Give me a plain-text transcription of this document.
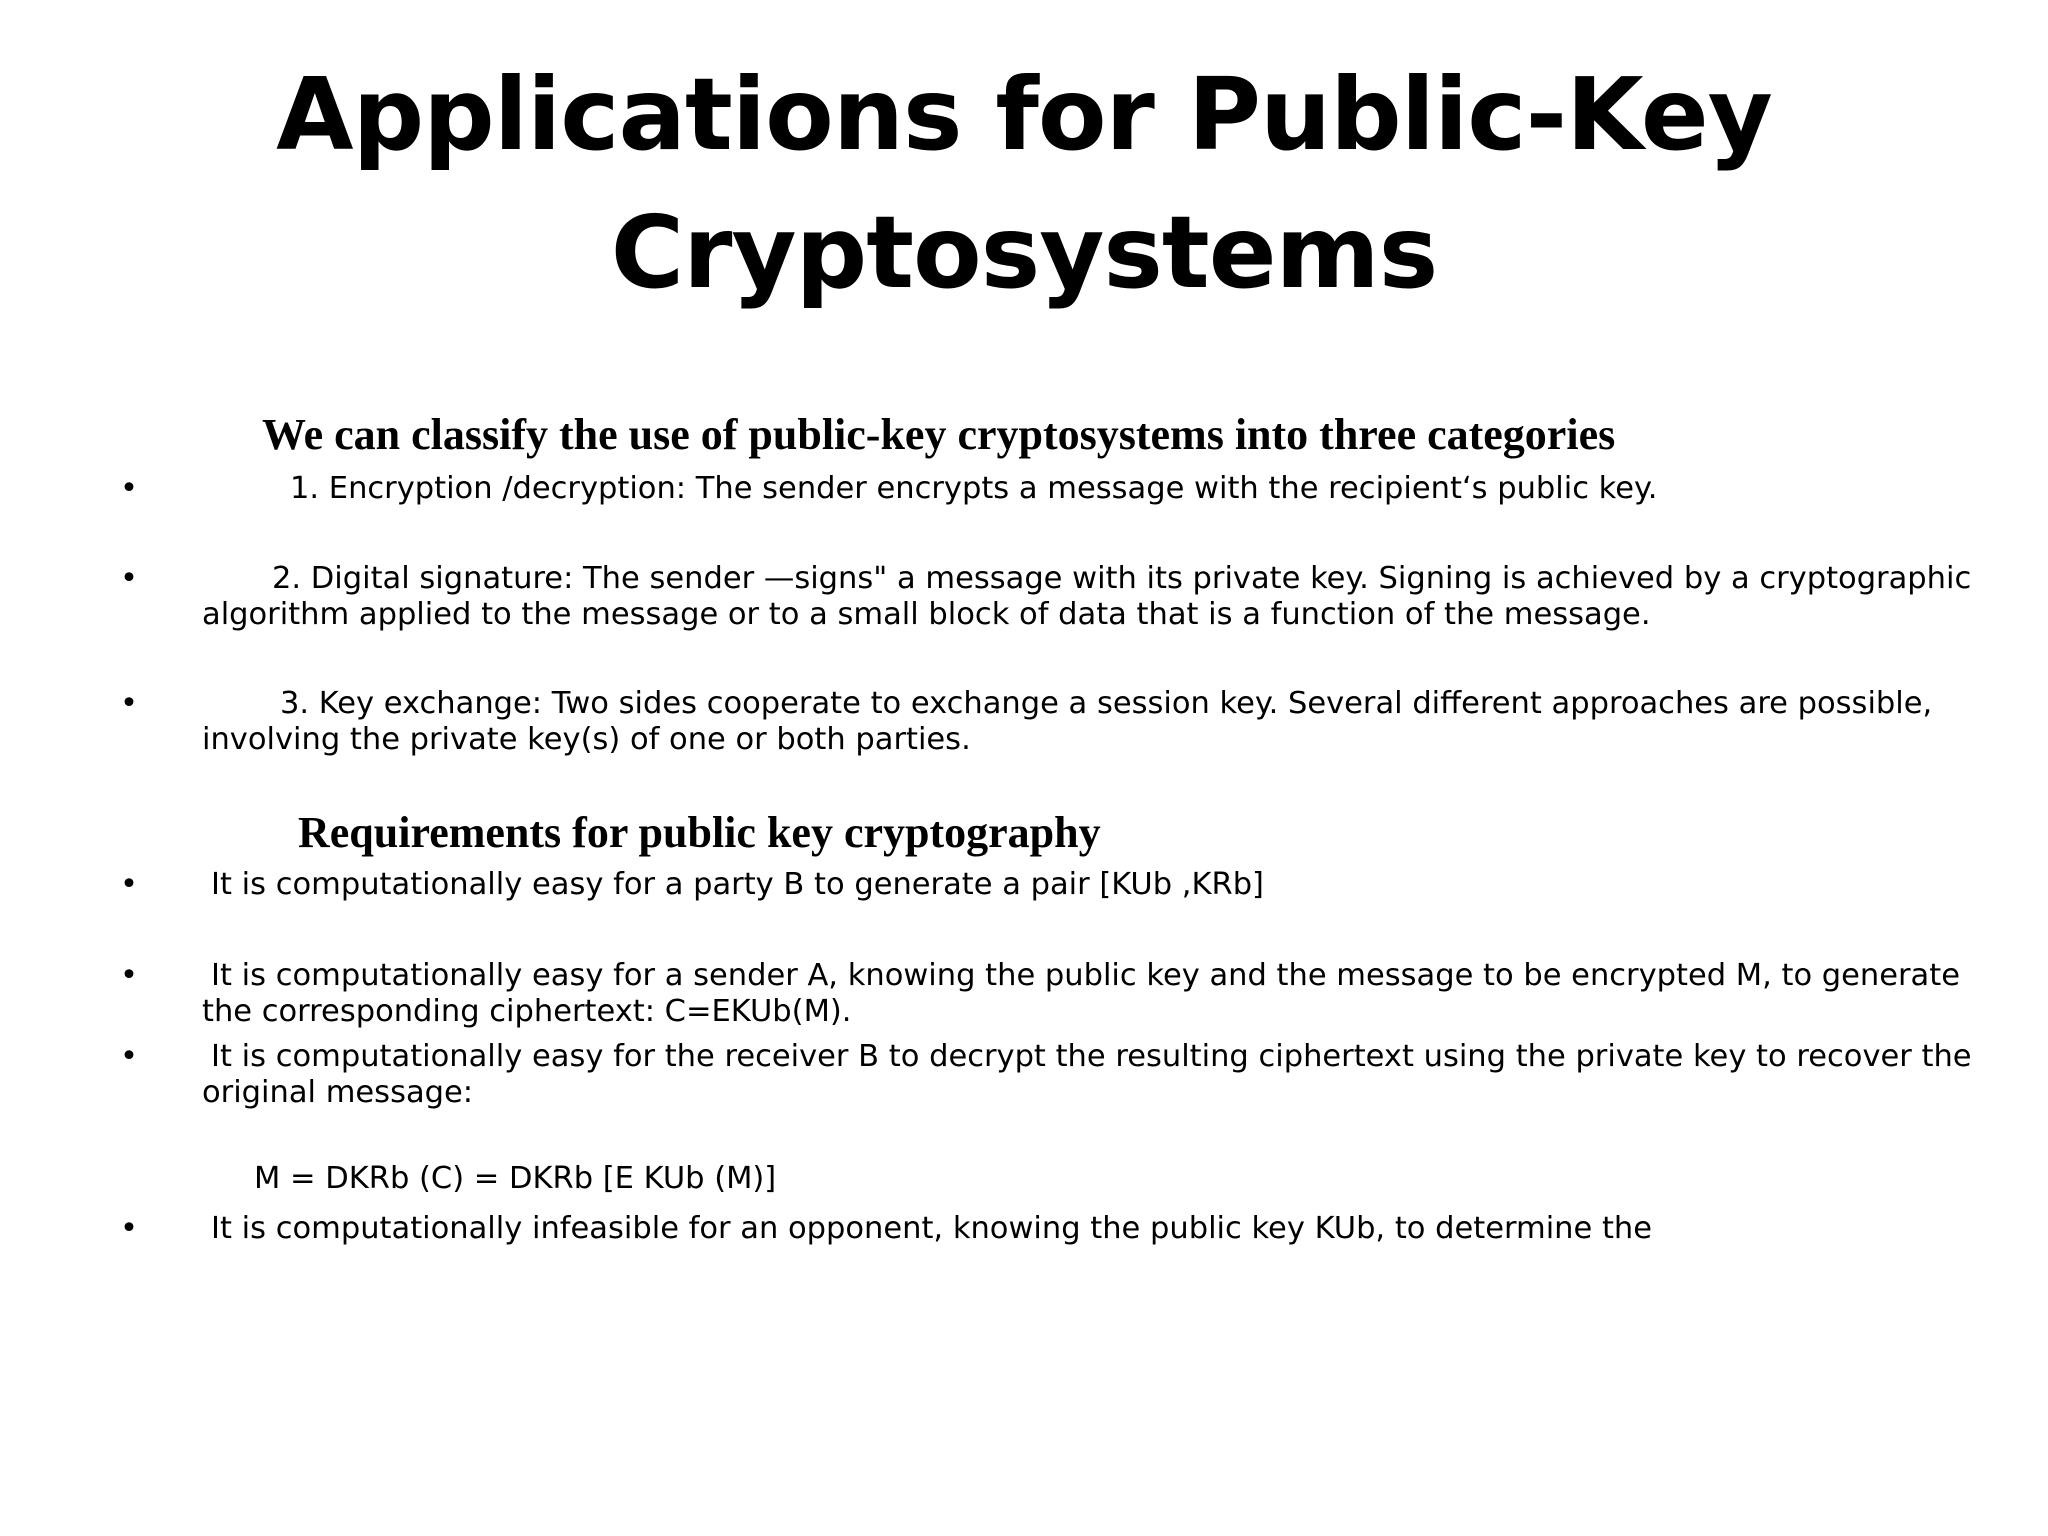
Applications for Public-Key
Cryptosystems
We can classify the use of public-key cryptosystems into three categories
•	1. Encryption /decryption: The sender encrypts a message with the recipient‘s public key.
•	2. Digital signature: The sender —signs" a message with its private key. Signing is achieved by a cryptographic
algorithm applied to the message or to a small block of data that is a function of the message.
•	3. Key exchange: Two sides cooperate to exchange a session key. Several different approaches are possible,
involving the private key(s) of one or both parties.
Requirements for public key cryptography
•	It is computationally easy for a party B to generate a pair [KUb ,KRb]
•	It is computationally easy for a sender A, knowing the public key and the message to be encrypted M, to generate
the corresponding ciphertext: C=EKUb(M).
•	It is computationally easy for the receiver B to decrypt the resulting ciphertext using the private key to recover the
original message:
M = DKRb (C) = DKRb [E KUb (M)]
•	It is computationally infeasible for an opponent, knowing the public key KUb, to determine the
